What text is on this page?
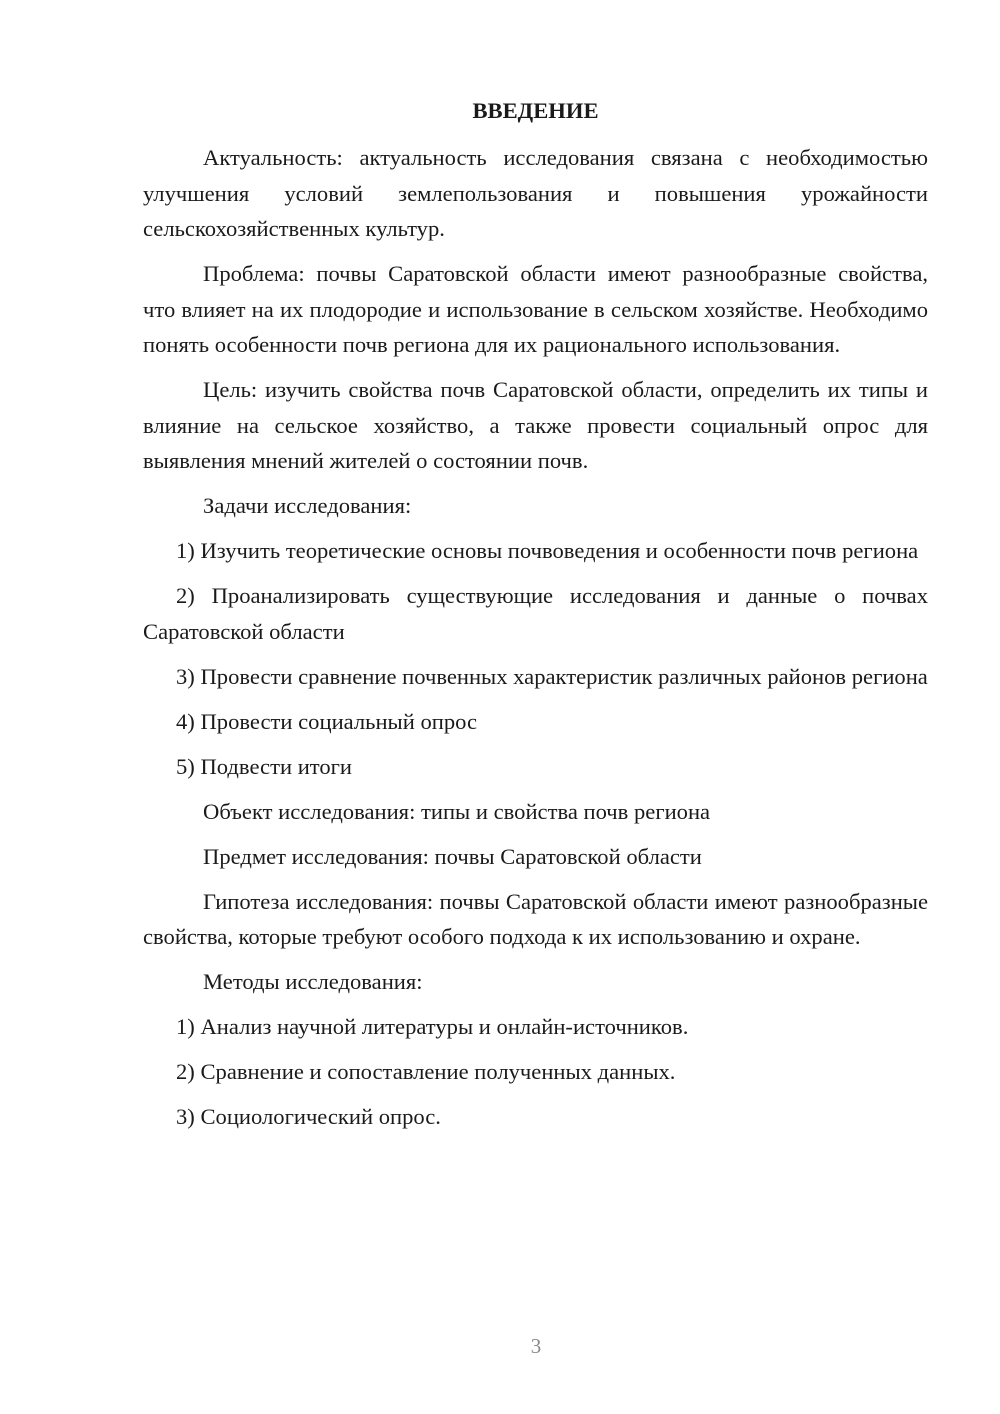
ВВЕДЕНИЕ

Актуальность: актуальность исследования связана с необходимостью улучшения условий землепользования и повышения урожайности сельскохозяйственных культур.

Проблема: почвы Саратовской области имеют разнообразные свойства, что влияет на их плодородие и использование в сельском хозяйстве. Необходимо понять особенности почв региона для их рационального использования.

Цель: изучить свойства почв Саратовской области, определить их типы и влияние на сельское хозяйство, а также провести социальный опрос для выявления мнений жителей о состоянии почв.

Задачи исследования:

1) Изучить теоретические основы почвоведения и особенности почв региона

2) Проанализировать существующие исследования и данные о почвах Саратовской области

3) Провести сравнение почвенных характеристик различных районов региона

4) Провести социальный опрос

5) Подвести итоги

Объект исследования: типы и свойства почв региона

Предмет исследования: почвы Саратовской области

Гипотеза исследования: почвы Саратовской области имеют разнообразные свойства, которые требуют особого подхода к их использованию и охране.

Методы исследования:

1) Анализ научной литературы и онлайн-источников.

2) Сравнение и сопоставление полученных данных.

3) Социологический опрос.

3
